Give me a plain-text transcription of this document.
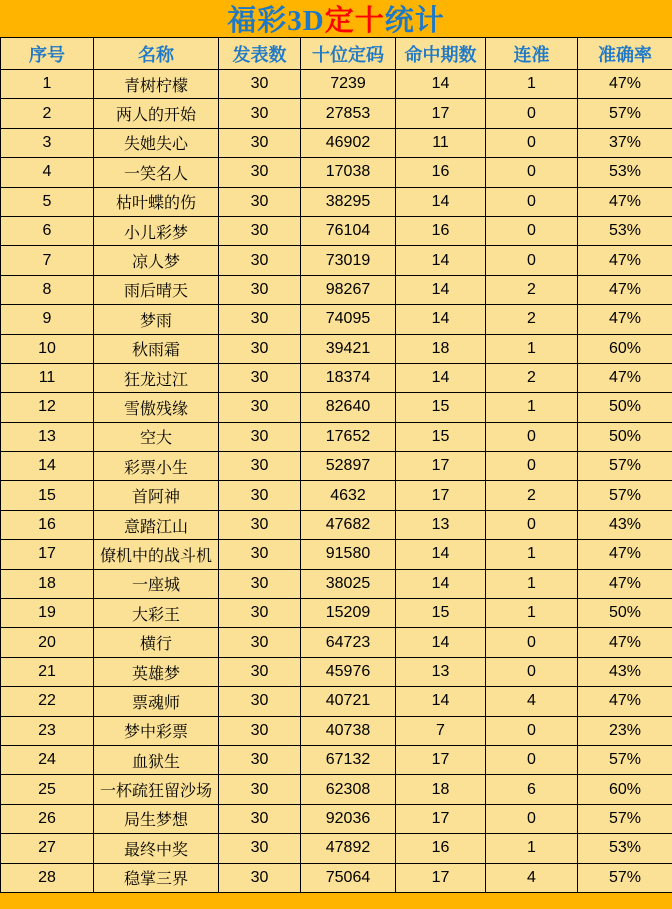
福彩3D 定十 统计
序号	名称	发表数	十位定码	命中期数	连准	准确率
1	青树柠檬	30	7239	14	1	47%
2	两人的开始	30	27853	17	0	57%
3	失她失心	30	46902	11	0	37%
4	一笑名人	30	17038	16	0	53%
5	枯叶蝶的伤	30	38295	14	0	47%
6	小儿彩梦	30	76104	16	0	53%
7	凉人梦	30	73019	14	0	47%
8	雨后晴天	30	98267	14	2	47%
9	梦雨	30	74095	14	2	47%
10	秋雨霜	30	39421	18	1	60%
11	狂龙过江	30	18374	14	2	47%
12	雪傲残缘	30	82640	15	1	50%
13	空大	30	17652	15	0	50%
14	彩票小生	30	52897	17	0	57%
15	首阿神	30	4632	17	2	57%
16	意踏江山	30	47682	13	0	43%
17	僚机中的战斗机	30	91580	14	1	47%
18	一座城	30	38025	14	1	47%
19	大彩王	30	15209	15	1	50%
20	横行	30	64723	14	0	47%
21	英雄梦	30	45976	13	0	43%
22	票魂师	30	40721	14	4	47%
23	梦中彩票	30	40738	7	0	23%
24	血狱生	30	67132	17	0	57%
25	一杯疏狂留沙场	30	62308	18	6	60%
26	局生梦想	30	92036	17	0	57%
27	最终中奖	30	47892	16	1	53%
28	稳掌三界	30	75064	17	4	57%
